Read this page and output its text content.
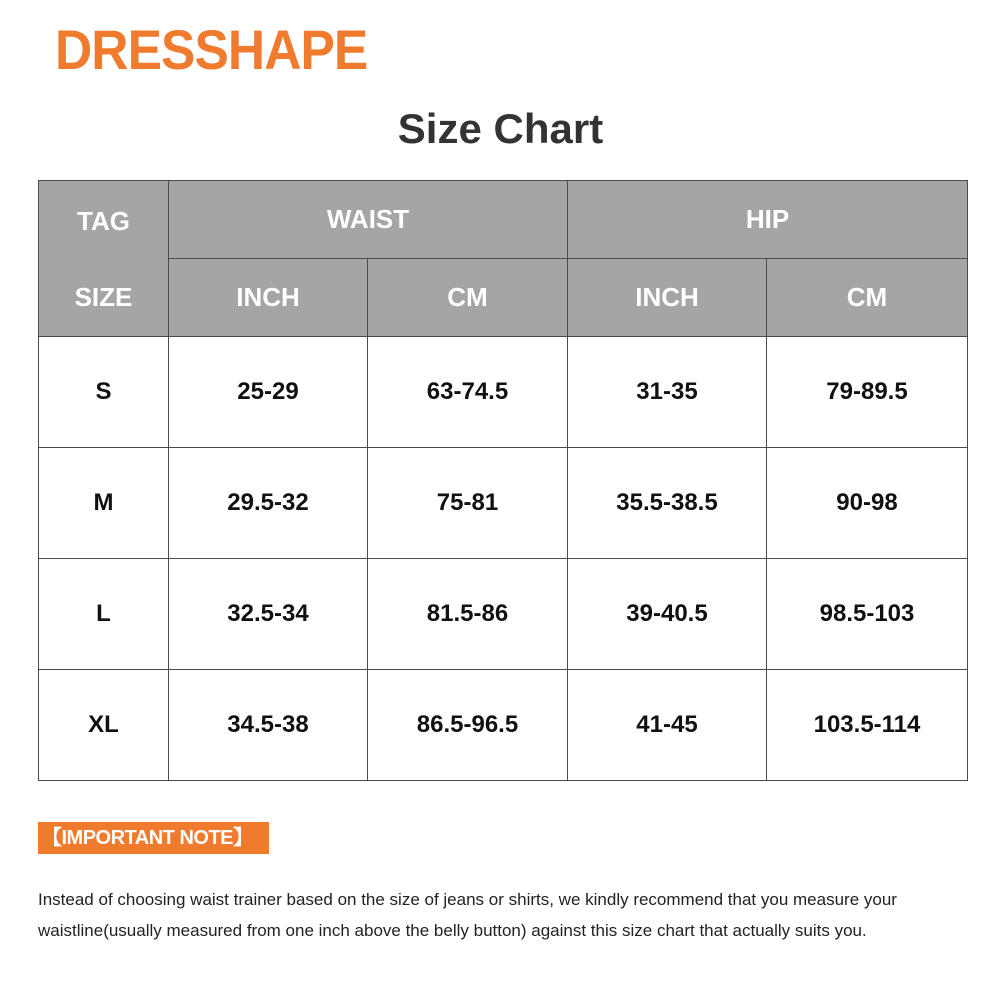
DRESSHAPE
Size Chart
TAG
SIZE	WAIST		HIP	
	INCH	CM	INCH	CM
S	25-29	63-74.5	31-35	79-89.5
M	29.5-32	75-81	35.5-38.5	90-98
L	32.5-34	81.5-86	39-40.5	98.5-103
XL	34.5-38	86.5-96.5	41-45	103.5-114
【IMPORTANT NOTE】
Instead of choosing waist trainer based on the size of jeans or shirts, we kindly recommend that you measure your waistline(usually measured from one inch above the belly button) against this size chart that actually suits you.
